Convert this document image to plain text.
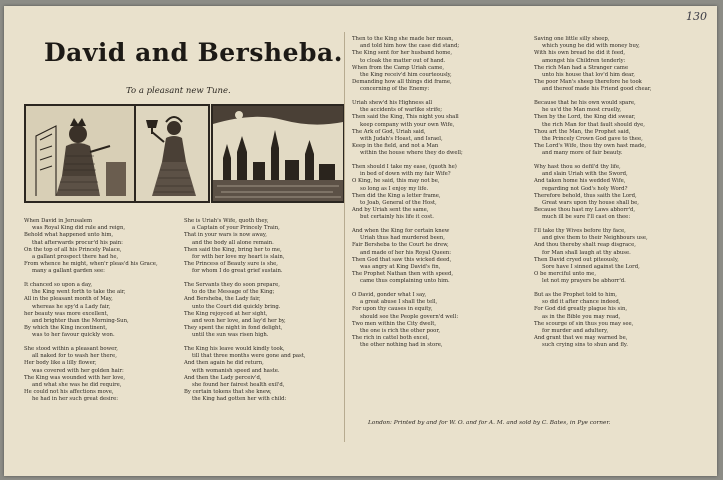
130
David and Bersheba.
To a pleasant new Tune.
When David in Jerusalem
was Royal King did rule and reign,
Behold what happened unto him,
that afterwards procur'd his pain:
On the top of all his Princely Palace,
a gallant prospect there had he,
From whence he might, when'r pleas'd his Grace,
many a gallant garden see:
It chanced so upon a day,
the King went forth to take the air,
All in the pleasant month of May,
whereas he spy'd a Lady fair,
her beauty was more excellent,
and brighter than the Morning-Sun,
By which the King incontinent,
was to her favour quickly won.
She stood within a pleasant bower,
all naked for to wash her there,
Her body like a lilly flower,
was covered with her golden hair:
The King was wounded with her love,
and what she was he did require,
He could not his affections move,
he had in her such great desire:
She is Uriah's Wife, quoth they,
a Captain of your Princely Train,
That in your wars is now away,
and the body all alone remain.
Then said the King, bring her to me,
for with her love my heart is slain,
The Princess of Beauty sure is she,
for whom I do great grief sustain.
The Servants they do soon prepare,
to do the Message of the King;
And Bersheba, the Lady fair,
unto the Court did quickly bring.
The King rejoyced at her sight,
and won her love, and lay'd her by,
They spent the night in fond delight,
until the sun was risen high.
The King his leave would kindly took,
till that three months were gone and past,
And then again he did return,
with womanish speed and haste.
And then the Lady perceiv'd,
she found her fairest health exil'd,
By certain tokens that she knew,
the King had gotten her with child:
Then to the King she made her moan,
and told him how the case did stand;
The King sent for her husband home,
to cloak the matter out of hand.
When from the Camp Uriah came,
the King receiv'd him courteously,
Demanding how all things did frame,
concerning of the Enemy:
Uriah shew'd his Highness all
the accidents of warlike strife;
Then said the King, This night you shall
keep company with your own Wife,
The Ark of God, Uriah said,
with Judah's Hoast, and Israel,
Keep in the field, and not a Man
within the house where they do dwell;
Then should I take my ease, (quoth he)
in bed of down with my fair Wife?
O King, he said, this may not be,
so long as I enjoy my life.
Then did the King a letter frame,
to Joab, General of the Host,
And by Uriah sent the same,
but certainly his life it cost.
And when the King for certain knew
Uriah thus had murdered been,
Fair Bersheba to the Court he drew,
and made of her his Royal Queen:
Then God that saw this wicked deed,
was angry at King David's fin,
The Prophet Nathan then with speed,
came thus complaining unto him.
O David, gonder what I say,
a great abuse I shall the tell,
For upon thy causes in equity,
should see the People govern'd well:
Two men within the City dwelt,
the one is rich the other poor,
The rich in cattel both excel,
the other nothing had in store,
Saving one little silly sheep,
which young he did with money buy,
With his own bread he did it feed,
amongst his Children tenderly:
The rich Man had a Stranger came
unto his house that lov'd him dear,
The poor Man's sheep therefore he took
and thereof made his Friend good chear,
Because that he his own would spare,
he us'd the Man most cruelly,
Then by the Lord, the King did swear,
the rich Man for that fault should dye,
Thou art the Man, the Prophet said,
the Princely Crown God gave to thee,
The Lord's Wife, thou thy own hast made,
and many more of fair beauty.
Why hast thou so defil'd thy life,
and slain Uriah with the Sword,
And taken home his wedded Wife,
regarding not God's holy Word?
Therefore behold, thus saith the Lord,
Great wars upon thy house shall be,
Because thou hast my Laws abhorr'd,
much ill be sure I'll cast on thee:
I'll take thy Wives before thy face,
and give them to their Neighbours use,
And thou thereby shalt reap disgrace,
for Man shall laugh at thy abuse.
Then David cryed out piteously,
Sore have I sinned against the Lord,
O be merciful unto me,
let not my prayers be abhorr'd.
But as the Prophet told to him,
so did it after chance indeed,
For God did greatly plague his sin,
as in the Bible you may read,
The scourge of sin thus you may see,
for murder and adultery,
And grant that we may warned be,
such crying sins to shun and fly.
London: Printed by and for W. O. and for A. M. and sold by C. Bates, in Pye corner.
